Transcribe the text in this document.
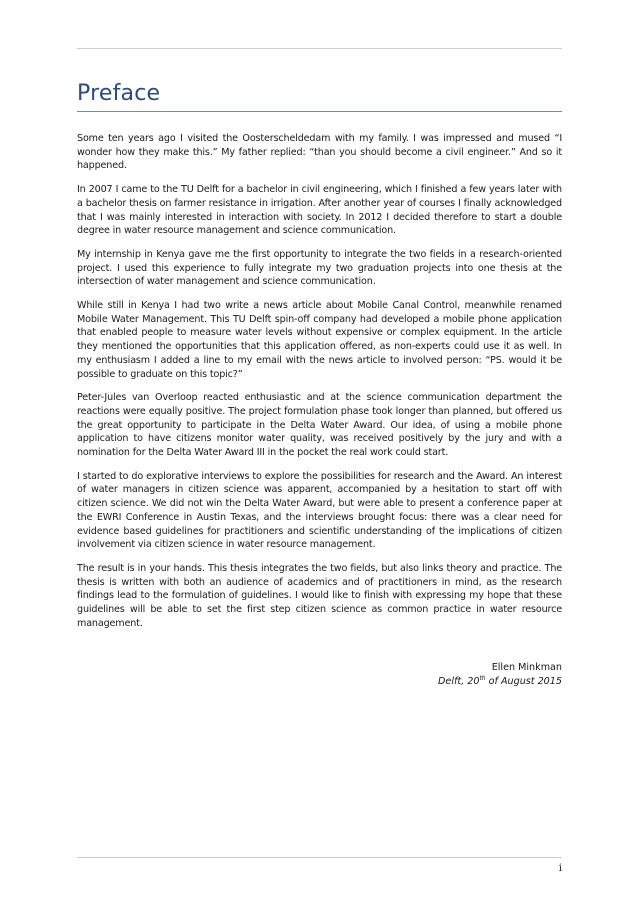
Preface

Some ten years ago I visited the Oosterscheldedam with my family. I was impressed and mused “I wonder how they make this.” My father replied: “than you should become a civil engineer.” And so it happened.

In 2007 I came to the TU Delft for a bachelor in civil engineering, which I finished a few years later with a bachelor thesis on farmer resistance in irrigation. After another year of courses I finally acknowledged that I was mainly interested in interaction with society. In 2012 I decided therefore to start a double degree in water resource management and science communication.

My internship in Kenya gave me the first opportunity to integrate the two fields in a research-oriented project. I used this experience to fully integrate my two graduation projects into one thesis at the intersection of water management and science communication.

While still in Kenya I had two write a news article about Mobile Canal Control, meanwhile renamed Mobile Water Management. This TU Delft spin-off company had developed a mobile phone application that enabled people to measure water levels without expensive or complex equipment. In the article they mentioned the opportunities that this application offered, as non-experts could use it as well. In my enthusiasm I added a line to my email with the news article to involved person: “PS. would it be possible to graduate on this topic?”

Peter-Jules van Overloop reacted enthusiastic and at the science communication department the reactions were equally positive. The project formulation phase took longer than planned, but offered us the great opportunity to participate in the Delta Water Award. Our idea, of using a mobile phone application to have citizens monitor water quality, was received positively by the jury and with a nomination for the Delta Water Award III in the pocket the real work could start.

I started to do explorative interviews to explore the possibilities for research and the Award. An interest of water managers in citizen science was apparent, accompanied by a hesitation to start off with citizen science. We did not win the Delta Water Award, but were able to present a conference paper at the EWRI Conference in Austin Texas, and the interviews brought focus: there was a clear need for evidence based guidelines for practitioners and scientific understanding of the implications of citizen involvement via citizen science in water resource management.

The result is in your hands. This thesis integrates the two fields, but also links theory and practice. The thesis is written with both an audience of academics and of practitioners in mind, as the research findings lead to the formulation of guidelines. I would like to finish with expressing my hope that these guidelines will be able to set the first step citizen science as common practice in water resource management.

Ellen Minkman
Delft, 20th of August 2015
i
